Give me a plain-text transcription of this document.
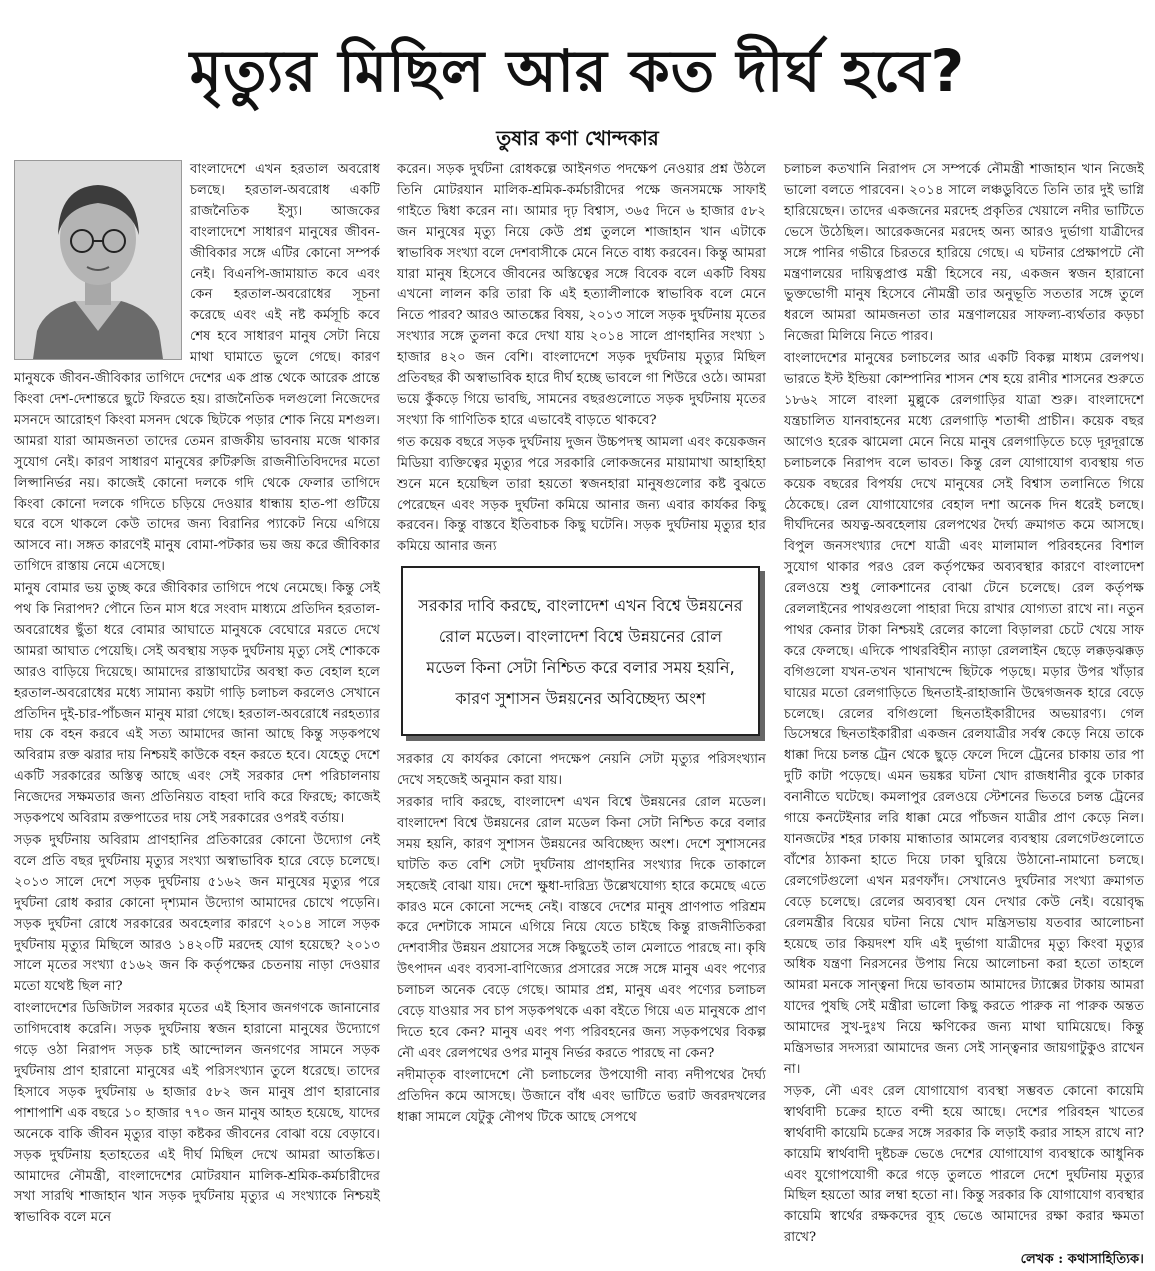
মৃত্যুর মিছিল আর কত দীর্ঘ হবে?
তুষার কণা খোন্দকার

বাংলাদেশে এখন হরতাল অবরোধ চলছে। হরতাল-অবরোধ একটি রাজনৈতিক ইস্যু। আজকের বাংলাদেশে সাধারণ মানুষের জীবন-জীবিকার সঙ্গে এটির কোনো সম্পর্ক নেই। বিএনপি-জামায়াত কবে এবং কেন হরতাল-অবরোধের সূচনা করেছে এবং এই নষ্ট কর্মসূচি কবে শেষ হবে সাধারণ মানুষ সেটা নিয়ে মাথা ঘামাতে ভুলে গেছে। কারণ মানুষকে জীবন-জীবিকার তাগিদে দেশের এক প্রান্ত থেকে আরেক প্রান্তে কিংবা দেশ-দেশান্তরে ছুটে ফিরতে হয়। রাজনৈতিক দলগুলো নিজেদের মসনদে আরোহণ কিংবা মসনদ থেকে ছিটকে পড়ার শোক নিয়ে মশগুল। আমরা যারা আমজনতা তাদের তেমন রাজকীয় ভাবনায় মজে থাকার সুযোগ নেই। কারণ সাধারণ মানুষের রুটিরুজি রাজনীতিবিদদের মতো লিপ্সানির্ভর নয়। কাজেই কোনো দলকে গদি থেকে ফেলার তাগিদে কিংবা কোনো দলকে গদিতে চড়িয়ে দেওয়ার ধান্ধায় হাত-পা গুটিয়ে ঘরে বসে থাকলে কেউ তাদের জন্য বিরানির প্যাকেট নিয়ে এগিয়ে আসবে না। সঙ্গত কারণেই মানুষ বোমা-পটকার ভয় জয় করে জীবিকার তাগিদে রাস্তায় নেমে এসেছে।

মানুষ বোমার ভয় তুচ্ছ করে জীবিকার তাগিদে পথে নেমেছে। কিন্তু সেই পথ কি নিরাপদ? পৌনে তিন মাস ধরে সংবাদ মাধ্যমে প্রতিদিন হরতাল-অবরোধের ছুঁতা ধরে বোমার আঘাতে মানুষকে বেঘোরে মরতে দেখে আমরা আঘাত পেয়েছি। সেই অবস্থায় সড়ক দুর্ঘটনায় মৃত্যু সেই শোককে আরও বাড়িয়ে দিয়েছে। আমাদের রাস্তাঘাটের অবস্থা কত বেহাল হলে হরতাল-অবরোধের মধ্যে সামান্য কয়টা গাড়ি চলাচল করলেও সেখানে প্রতিদিন দুই-চার-পাঁচজন মানুষ মারা গেছে। হরতাল-অবরোধে নরহত্যার দায় কে বহন করবে এই সত্য আমাদের জানা আছে কিন্তু সড়কপথে অবিরাম রক্ত ঝরার দায় নিশ্চয়ই কাউকে বহন করতে হবে। যেহেতু দেশে একটি সরকারের অস্তিত্ব আছে এবং সেই সরকার দেশ পরিচালনায় নিজেদের সক্ষমতার জন্য প্রতিনিয়ত বাহবা দাবি করে ফিরছে; কাজেই সড়কপথে অবিরাম রক্তপাতের দায় সেই সরকারের ওপরই বর্তায়।

সড়ক দুর্ঘটনায় অবিরাম প্রাণহানির প্রতিকারের কোনো উদ্যোগ নেই বলে প্রতি বছর দুর্ঘটনায় মৃত্যুর সংখ্যা অস্বাভাবিক হারে বেড়ে চলেছে। ২০১৩ সালে দেশে সড়ক দুর্ঘটনায় ৫১৬২ জন মানুষের মৃত্যুর পরে দুর্ঘটনা রোধ করার কোনো দৃশ্যমান উদ্যোগ আমাদের চোখে পড়েনি। সড়ক দুর্ঘটনা রোধে সরকারের অবহেলার কারণে ২০১৪ সালে সড়ক দুর্ঘটনায় মৃত্যুর মিছিলে আরও ১৪২০টি মরদেহ যোগ হয়েছে? ২০১৩ সালে মৃতের সংখ্যা ৫১৬২ জন কি কর্তৃপক্ষের চেতনায় নাড়া দেওয়ার মতো যথেষ্ট ছিল না?

বাংলাদেশের ডিজিটাল সরকার মৃতের এই হিসাব জনগণকে জানানোর তাগিদবোধ করেনি। সড়ক দুর্ঘটনায় স্বজন হারানো মানুষের উদ্যোগে গড়ে ওঠা নিরাপদ সড়ক চাই আন্দোলন জনগণের সামনে সড়ক দুর্ঘটনায় প্রাণ হারানো মানুষের এই পরিসংখ্যান তুলে ধরেছে। তাদের হিসাবে সড়ক দুর্ঘটনায় ৬ হাজার ৫৮২ জন মানুষ প্রাণ হারানোর পাশাপাশি এক বছরে ১০ হাজার ৭৭০ জন মানুষ আহত হয়েছে, যাদের অনেকে বাকি জীবন মৃত্যুর বাড়া কষ্টকর জীবনের বোঝা বয়ে বেড়াবে। সড়ক দুর্ঘটনায় হতাহতের এই দীর্ঘ মিছিল দেখে আমরা আতঙ্কিত। আমাদের নৌমন্ত্রী, বাংলাদেশের মোটরযান মালিক-শ্রমিক-কর্মচারীদের সখা সারথি শাজাহান খান সড়ক দুর্ঘটনায় মৃত্যুর এ সংখ্যাকে নিশ্চয়ই স্বাভাবিক বলে মনে

করেন। সড়ক দুর্ঘটনা রোধকল্পে আইনগত পদক্ষেপ নেওয়ার প্রশ্ন উঠলে তিনি মোটরযান মালিক-শ্রমিক-কর্মচারীদের পক্ষে জনসমক্ষে সাফাই গাইতে দ্বিধা করেন না। আমার দৃঢ় বিশ্বাস, ৩৬৫ দিনে ৬ হাজার ৫৮২ জন মানুষের মৃত্যু নিয়ে কেউ প্রশ্ন তুললে শাজাহান খান এটাকে স্বাভাবিক সংখ্যা বলে দেশবাসীকে মেনে নিতে বাধ্য করবেন। কিন্তু আমরা যারা মানুষ হিসেবে জীবনের অস্তিত্বের সঙ্গে বিবেক বলে একটি বিষয় এখনো লালন করি তারা কি এই হত্যালীলাকে স্বাভাবিক বলে মেনে নিতে পারব? আরও আতঙ্কের বিষয়, ২০১৩ সালে সড়ক দুর্ঘটনায় মৃতের সংখ্যার সঙ্গে তুলনা করে দেখা যায় ২০১৪ সালে প্রাণহানির সংখ্যা ১ হাজার ৪২০ জন বেশি। বাংলাদেশে সড়ক দুর্ঘটনায় মৃত্যুর মিছিল প্রতিবছর কী অস্বাভাবিক হারে দীর্ঘ হচ্ছে ভাবলে গা শিউরে ওঠে। আমরা ভয়ে কুঁকড়ে গিয়ে ভাবছি, সামনের বছরগুলোতে সড়ক দুর্ঘটনায় মৃতের সংখ্যা কি গাণিতিক হারে এভাবেই বাড়তে থাকবে?

গত কয়েক বছরে সড়ক দুর্ঘটনায় দুজন উচ্চপদস্থ আমলা এবং কয়েকজন মিডিয়া ব্যক্তিত্বের মৃত্যুর পরে সরকারি লোকজনের মায়ামাখা আহাহিহা শুনে মনে হয়েছিল তারা হয়তো স্বজনহারা মানুষগুলোর কষ্ট বুঝতে পেরেছেন এবং সড়ক দুর্ঘটনা কমিয়ে আনার জন্য এবার কার্যকর কিছু করবেন। কিন্তু বাস্তবে ইতিবাচক কিছু ঘটেনি। সড়ক দুর্ঘটনায় মৃত্যুর হার কমিয়ে আনার জন্য

সরকার দাবি করছে, বাংলাদেশ এখন বিশ্বে উন্নয়নের রোল মডেল। বাংলাদেশ বিশ্বে উন্নয়নের রোল মডেল কিনা সেটা নিশ্চিত করে বলার সময় হয়নি, কারণ সুশাসন উন্নয়নের অবিচ্ছেদ্য অংশ

সরকার যে কার্যকর কোনো পদক্ষেপ নেয়নি সেটা মৃত্যুর পরিসংখ্যান দেখে সহজেই অনুমান করা যায়।

সরকার দাবি করছে, বাংলাদেশ এখন বিশ্বে উন্নয়নের রোল মডেল। বাংলাদেশ বিশ্বে উন্নয়নের রোল মডেল কিনা সেটা নিশ্চিত করে বলার সময় হয়নি, কারণ সুশাসন উন্নয়নের অবিচ্ছেদ্য অংশ। দেশে সুশাসনের ঘাটতি কত বেশি সেটা দুর্ঘটনায় প্রাণহানির সংখ্যার দিকে তাকালে সহজেই বোঝা যায়। দেশে ক্ষুধা-দারিদ্র্য উল্লেখযোগ্য হারে কমেছে এতে কারও মনে কোনো সন্দেহ নেই। বাস্তবে দেশের মানুষ প্রাণপাত পরিশ্রম করে দেশটাকে সামনে এগিয়ে নিয়ে যেতে চাইছে কিন্তু রাজনীতিকরা দেশবাসীর উন্নয়ন প্রয়াসের সঙ্গে কিছুতেই তাল মেলাতে পারছে না। কৃষি উৎপাদন এবং ব্যবসা-বাণিজ্যের প্রসারের সঙ্গে সঙ্গে মানুষ এবং পণ্যের চলাচল অনেক বেড়ে গেছে। আমার প্রশ্ন, মানুষ এবং পণ্যের চলাচল বেড়ে যাওয়ার সব চাপ সড়কপথকে একা বইতে গিয়ে এত মানুষকে প্রাণ দিতে হবে কেন? মানুষ এবং পণ্য পরিবহনের জন্য সড়কপথের বিকল্প নৌ এবং রেলপথের ওপর মানুষ নির্ভর করতে পারছে না কেন?

নদীমাতৃক বাংলাদেশে নৌ চলাচলের উপযোগী নাব্য নদীপথের দৈর্ঘ্য প্রতিদিন কমে আসছে। উজানে বাঁধ এবং ভাটিতে ভরাট জবরদখলের ধাক্কা সামলে যেটুকু নৌপথ টিকে আছে সেপথে

চলাচল কতখানি নিরাপদ সে সম্পর্কে নৌমন্ত্রী শাজাহান খান নিজেই ভালো বলতে পারবেন। ২০১৪ সালে লঞ্চডুবিতে তিনি তার দুই ভাগ্নি হারিয়েছেন। তাদের একজনের মরদেহ প্রকৃতির খেয়ালে নদীর ভাটিতে ভেসে উঠেছিল। আরেকজনের মরদেহ অন্য আরও দুর্ভাগা যাত্রীদের সঙ্গে পানির গভীরে চিরতরে হারিয়ে গেছে। এ ঘটনার প্রেক্ষাপটে নৌ মন্ত্রণালয়ের দায়িত্বপ্রাপ্ত মন্ত্রী হিসেবে নয়, একজন স্বজন হারানো ভুক্তভোগী মানুষ হিসেবে নৌমন্ত্রী তার অনুভূতি সততার সঙ্গে তুলে ধরলে আমরা আমজনতা তার মন্ত্রণালয়ের সাফল্য-ব্যর্থতার কড়চা নিজেরা মিলিয়ে নিতে পারব।

বাংলাদেশের মানুষের চলাচলের আর একটি বিকল্প মাধ্যম রেলপথ। ভারতে ইস্ট ইন্ডিয়া কোম্পানির শাসন শেষ হয়ে রানীর শাসনের শুরুতে ১৮৬২ সালে বাংলা মুল্লুকে রেলগাড়ির যাত্রা শুরু। বাংলাদেশে যন্ত্রচালিত যানবাহনের মধ্যে রেলগাড়ি শতাব্দী প্রাচীন। কয়েক বছর আগেও হরেক ঝামেলা মেনে নিয়ে মানুষ রেলগাড়িতে চড়ে দূরদূরান্তে চলাচলকে নিরাপদ বলে ভাবত। কিন্তু রেল যোগাযোগ ব্যবস্থায় গত কয়েক বছরের বিপর্যয় দেখে মানুষের সেই বিশ্বাস তলানিতে গিয়ে ঠেকেছে। রেল যোগাযোগের বেহাল দশা অনেক দিন ধরেই চলছে। দীর্ঘদিনের অযত্ন-অবহেলায় রেলপথের দৈর্ঘ্য ক্রমাগত কমে আসছে। বিপুল জনসংখ্যার দেশে যাত্রী এবং মালামাল পরিবহনের বিশাল সুযোগ থাকার পরও রেল কর্তৃপক্ষের অব্যবস্থার কারণে বাংলাদেশ রেলওয়ে শুধু লোকশানের বোঝা টেনে চলেছে। রেল কর্তৃপক্ষ রেললাইনের পাথরগুলো পাহারা দিয়ে রাখার যোগ্যতা রাখে না। নতুন পাথর কেনার টাকা নিশ্চয়ই রেলের কালো বিড়ালরা চেটে খেয়ে সাফ করে ফেলছে। এদিকে পাথরবিহীন ন্যাড়া রেললাইন ছেড়ে লক্কড়ঝক্কড় বগিগুলো যখন-তখন খানাখন্দে ছিটকে পড়ছে। মড়ার উপর খাঁড়ার ঘায়ের মতো রেলগাড়িতে ছিনতাই-রাহাজানি উদ্বেগজনক হারে বেড়ে চলেছে। রেলের বগিগুলো ছিনতাইকারীদের অভয়ারণ্য। গেল ডিসেম্বরে ছিনতাইকারীরা একজন রেলযাত্রীর সর্বস্ব কেড়ে নিয়ে তাকে ধাক্কা দিয়ে চলন্ত ট্রেন থেকে ছুড়ে ফেলে দিলে ট্রেনের চাকায় তার পা দুটি কাটা পড়েছে। এমন ভয়ঙ্কর ঘটনা খোদ রাজধানীর বুকে ঢাকার বনানীতে ঘটেছে। কমলাপুর রেলওয়ে স্টেশনের ভিতরে চলন্ত ট্রেনের গায়ে কনটেইনার লরি ধাক্কা মেরে পাঁচজন যাত্রীর প্রাণ কেড়ে নিল। যানজটের শহর ঢাকায় মান্ধাতার আমলের ব্যবস্থায় রেলগেটগুলোতে বাঁশের ঠ্যাকনা হাতে দিয়ে ঢাকা ঘুরিয়ে উঠানো-নামানো চলছে। রেলগেটগুলো এখন মরণফাঁদ। সেখানেও দুর্ঘটনার সংখ্যা ক্রমাগত বেড়ে চলেছে। রেলের অব্যবস্থা যেন দেখার কেউ নেই। বয়োবৃদ্ধ রেলমন্ত্রীর বিয়ের ঘটনা নিয়ে খোদ মন্ত্রিসভায় যতবার আলোচনা হয়েছে তার কিয়দংশ যদি এই দুর্ভাগা যাত্রীদের মৃত্যু কিংবা মৃত্যুর অধিক যন্ত্রণা নিরসনের উপায় নিয়ে আলোচনা করা হতো তাহলে আমরা মনকে সান্ত্বনা দিয়ে ভাবতাম আমাদের ট্যাক্সের টাকায় আমরা যাদের পুষছি সেই মন্ত্রীরা ভালো কিছু করতে পারুক না পারুক অন্তত আমাদের সুখ-দুঃখ নিয়ে ক্ষণিকের জন্য মাথা ঘামিয়েছে। কিন্তু মন্ত্রিসভার সদস্যরা আমাদের জন্য সেই সান্ত্বনার জায়গাটুকুও রাখেন না।

সড়ক, নৌ এবং রেল যোগাযোগ ব্যবস্থা সম্ভবত কোনো কায়েমি স্বার্থবাদী চক্রের হাতে বন্দী হয়ে আছে। দেশের পরিবহন খাতের স্বার্থবাদী কায়েমি চক্রের সঙ্গে সরকার কি লড়াই করার সাহস রাখে না? কায়েমি স্বার্থবাদী দুষ্টচক্র ভেঙে দেশের যোগাযোগ ব্যবস্থাকে আধুনিক এবং যুগোপযোগী করে গড়ে তুলতে পারলে দেশে দুর্ঘটনায় মৃত্যুর মিছিল হয়তো আর লম্বা হতো না। কিন্তু সরকার কি যোগাযোগ ব্যবস্থার কায়েমি স্বার্থের রক্ষকদের ব্যূহ ভেঙে আমাদের রক্ষা করার ক্ষমতা রাখে?

লেখক : কথাসাহিত্যিক।
